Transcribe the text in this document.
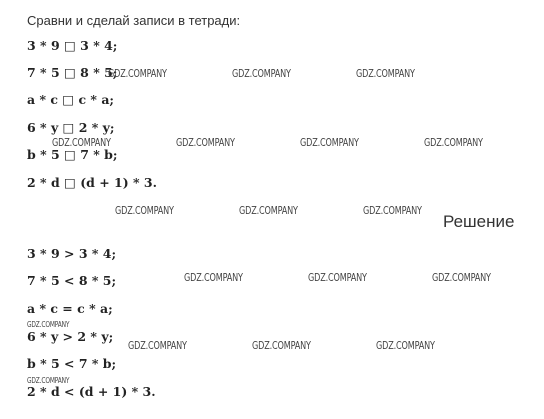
Сравни и сделай записи в тетради:
3 * 9 □ 3 * 4;
7 * 5 □ 8 * 5;
a * c □ c * a;
6 * y □ 2 * y;
b * 5 □ 7 * b;
2 * d □ (d + 1) * 3.
Решение
3 * 9 > 3 * 4;
7 * 5 < 8 * 5;
a * c = c * a;
6 * y > 2 * y;
b * 5 < 7 * b;
2 * d < (d + 1) * 3.
GDZ.COMPANY	GDZ.COMPANY	GDZ.COMPANY
GDZ.COMPANY	GDZ.COMPANY	GDZ.COMPANY	GDZ.COMPANY
GDZ.COMPANY	GDZ.COMPANY	GDZ.COMPANY
GDZ.COMPANY	GDZ.COMPANY	GDZ.COMPANY
GDZ.COMPANY
GDZ.COMPANY	GDZ.COMPANY	GDZ.COMPANY
GDZ.COMPANY
